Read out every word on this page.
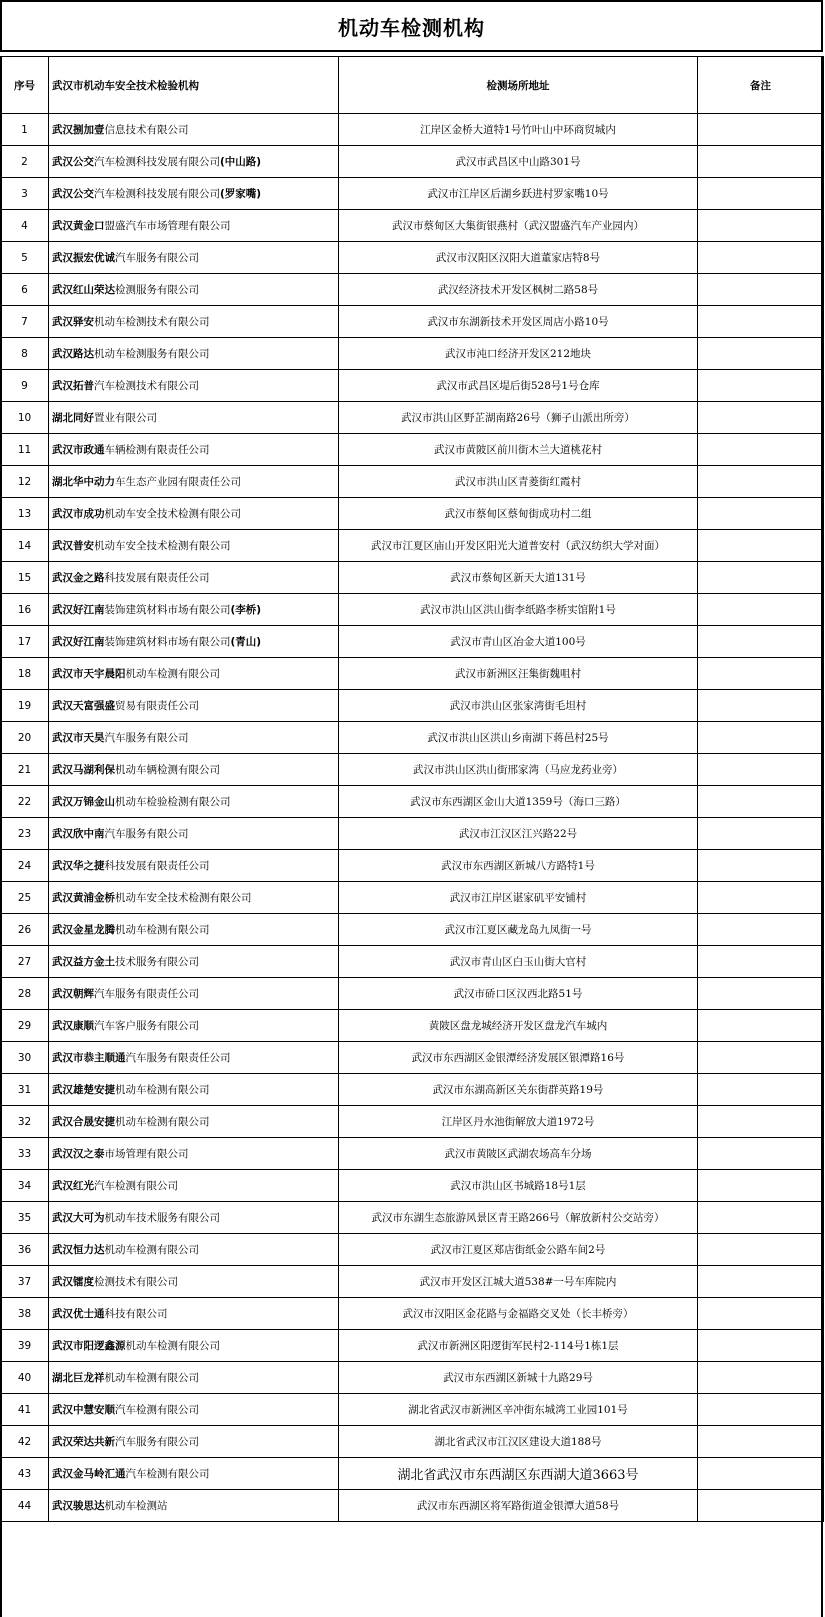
机动车检测机构
序号	武汉市机动车安全技术检验机构	检测场所地址	备注
1	武汉捌加壹信息技术有限公司	江岸区金桥大道特1号竹叶山中环商贸城内	
2	武汉公交汽车检测科技发展有限公司(中山路)	武汉市武昌区中山路301号	
3	武汉公交汽车检测科技发展有限公司(罗家嘴)	武汉市江岸区后湖乡跃进村罗家嘴10号	
4	武汉黄金口盟盛汽车市场管理有限公司	武汉市蔡甸区大集街银燕村（武汉盟盛汽车产业园内）	
5	武汉振宏优诚汽车服务有限公司	武汉市汉阳区汉阳大道董家店特8号	
6	武汉红山荣达检测服务有限公司	武汉经济技术开发区枫树二路58号	
7	武汉驿安机动车检测技术有限公司	武汉市东湖新技术开发区周店小路10号	
8	武汉路达机动车检测服务有限公司	武汉市沌口经济开发区212地块	
9	武汉拓普汽车检测技术有限公司	武汉市武昌区堤后街528号1号仓库	
10	湖北同好置业有限公司	武汉市洪山区野芷湖南路26号（狮子山派出所旁）	
11	武汉市政通车辆检测有限责任公司	武汉市黄陂区前川街木兰大道桃花村	
12	湖北华中动力车生态产业园有限责任公司	武汉市洪山区青菱街红霞村	
13	武汉市成功机动车安全技术检测有限公司	武汉市蔡甸区蔡甸街成功村二组	
14	武汉普安机动车安全技术检测有限公司	武汉市江夏区庙山开发区阳光大道普安村（武汉纺织大学对面）	
15	武汉金之路科技发展有限责任公司	武汉市蔡甸区新天大道131号	
16	武汉好江南装饰建筑材料市场有限公司(李桥)	武汉市洪山区洪山街李纸路李桥实馆附1号	
17	武汉好江南装饰建筑材料市场有限公司(青山)	武汉市青山区冶金大道100号	
18	武汉市天宇晨阳机动车检测有限公司	武汉市新洲区汪集街魏咀村	
19	武汉天富强盛贸易有限责任公司	武汉市洪山区张家湾街毛坦村	
20	武汉市天昊汽车服务有限公司	武汉市洪山区洪山乡南湖下蒋邑村25号	
21	武汉马湖利保机动车辆检测有限公司	武汉市洪山区洪山街邢家湾（马应龙药业旁）	
22	武汉万锦金山机动车检验检测有限公司	武汉市东西湖区金山大道1359号（海口三路）	
23	武汉欣中南汽车服务有限公司	武汉市江汉区江兴路22号	
24	武汉华之捷科技发展有限责任公司	武汉市东西湖区新城八方路特1号	
25	武汉黄浦金桥机动车安全技术检测有限公司	武汉市江岸区谌家矶平安铺村	
26	武汉金星龙腾机动车检测有限公司	武汉市江夏区藏龙岛九凤街一号	
27	武汉益方金土技术服务有限公司	武汉市青山区白玉山街大官村	
28	武汉朝辉汽车服务有限责任公司	武汉市硚口区汉西北路51号	
29	武汉康顺汽车客户服务有限公司	黄陂区盘龙城经济开发区盘龙汽车城内	
30	武汉市恭主顺通汽车服务有限责任公司	武汉市东西湖区金银潭经济发展区银潭路16号	
31	武汉雄楚安捷机动车检测有限公司	武汉市东湖高新区关东街群英路19号	
32	武汉合晟安捷机动车检测有限公司	江岸区丹水池街解放大道1972号	
33	武汉汉之泰市场管理有限公司	武汉市黄陂区武湖农场高车分场	
34	武汉红光汽车检测有限公司	武汉市洪山区书城路18号1层	
35	武汉大可为机动车技术服务有限公司	武汉市东湖生态旅游风景区青王路266号（解放新村公交站旁）	
36	武汉恒力达机动车检测有限公司	武汉市江夏区郑店街纸金公路车间2号	
37	武汉镭度检测技术有限公司	武汉市开发区江城大道538#一号车库院内	
38	武汉优士通科技有限公司	武汉市汉阳区金花路与金福路交叉处（长丰桥旁）	
39	武汉市阳逻鑫源机动车检测有限公司	武汉市新洲区阳逻街军民村2-114号1栋1层	
40	湖北巨龙祥机动车检测有限公司	武汉市东西湖区新城十九路29号	
41	武汉中慧安顺汽车检测有限公司	湖北省武汉市新洲区辛冲街东城湾工业园101号	
42	武汉荣达共新汽车服务有限公司	湖北省武汉市江汉区建设大道188号	
43	武汉金马岭汇通汽车检测有限公司	湖北省武汉市东西湖区东西湖大道3663号	
44	武汉骏思达机动车检测站	武汉市东西湖区将军路街道金银潭大道58号	
